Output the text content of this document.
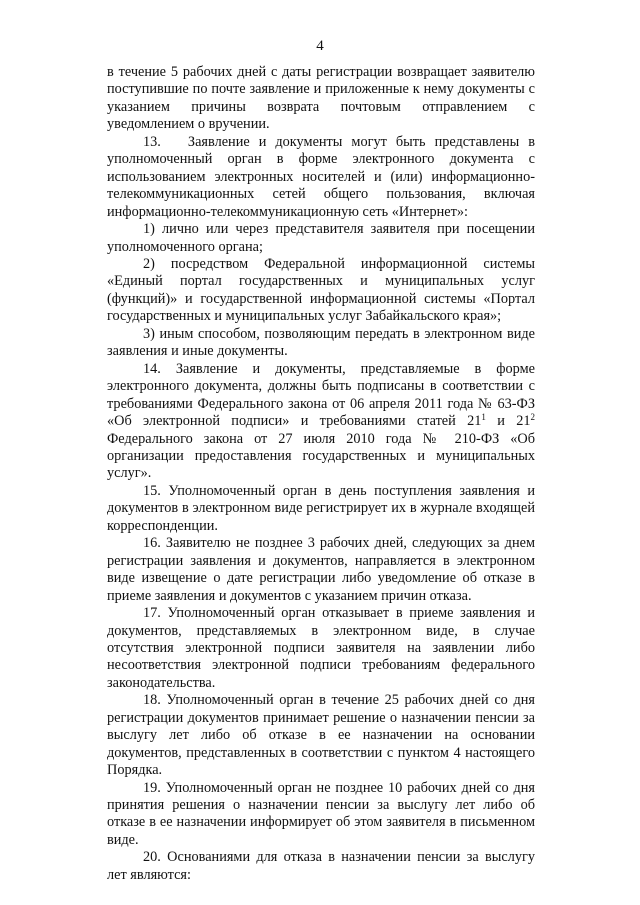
4

в течение 5 рабочих дней с даты регистрации возвращает заявителю поступившие по почте заявление и приложенные к нему документы с указанием причины возврата почтовым отправлением с уведомлением о вручении.

13.   Заявление и документы могут быть представлены в уполномоченный орган в форме электронного документа с использованием электронных носителей и (или) информационно-телекоммуникационных сетей общего пользования, включая информационно-телекоммуникационную сеть «Интернет»:

1) лично или через представителя заявителя при посещении уполномоченного органа;

2) посредством Федеральной информационной системы «Единый портал государственных и муниципальных услуг (функций)» и государственной информационной системы «Портал государственных и муниципальных услуг Забайкальского края»;

3) иным способом, позволяющим передать в электронном виде заявления и иные документы.

14. Заявление и документы, представляемые в форме электронного документа, должны быть подписаны в соответствии с требованиями Федерального закона от 06 апреля 2011 года № 63-ФЗ «Об электронной подписи» и требованиями статей $21^1$ и $21^2$ Федерального закона от 27 июля 2010 года № 210-ФЗ «Об организации предоставления государственных и муниципальных услуг».

15. Уполномоченный орган в день поступления заявления и документов в электронном виде регистрирует их в журнале входящей корреспонденции.

16. Заявителю не позднее 3 рабочих дней, следующих за днем регистрации заявления и документов, направляется в электронном виде извещение о дате регистрации либо уведомление об отказе в приеме заявления и документов с указанием причин отказа.

17. Уполномоченный орган отказывает в приеме заявления и документов, представляемых в электронном виде, в случае отсутствия электронной подписи заявителя на заявлении либо несоответствия электронной подписи требованиям федерального законодательства.

18. Уполномоченный орган в течение 25 рабочих дней со дня регистрации документов принимает решение о назначении пенсии за выслугу лет либо об отказе в ее назначении на основании документов, представленных в соответствии с пунктом 4 настоящего Порядка.

19. Уполномоченный орган не позднее 10 рабочих дней со дня принятия решения о назначении пенсии за выслугу лет либо об отказе в ее назначении информирует об этом заявителя в письменном виде.

20. Основаниями для отказа в назначении пенсии за выслугу лет являются:
